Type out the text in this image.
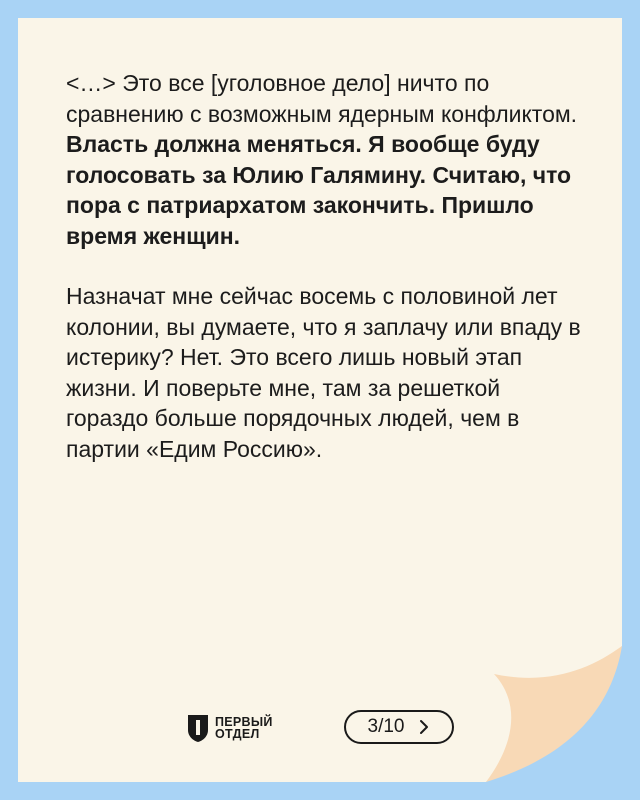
<…> Это все [уголовное дело] ничто по сравнению с возможным ядерным конфликтом. Власть должна меняться. Я вообще буду голосовать за Юлию Галямину. Считаю, что пора с патриархатом закончить. Пришло время женщин.

Назначат мне сейчас восемь с половиной лет колонии, вы думаете, что я заплачу или впаду в истерику? Нет. Это всего лишь новый этап жизни. И поверьте мне, там за решеткой гораздо больше порядочных людей, чем в партии «Едим Россию».

ПЕРВЫЙ
ОТДЕЛ	3/10
